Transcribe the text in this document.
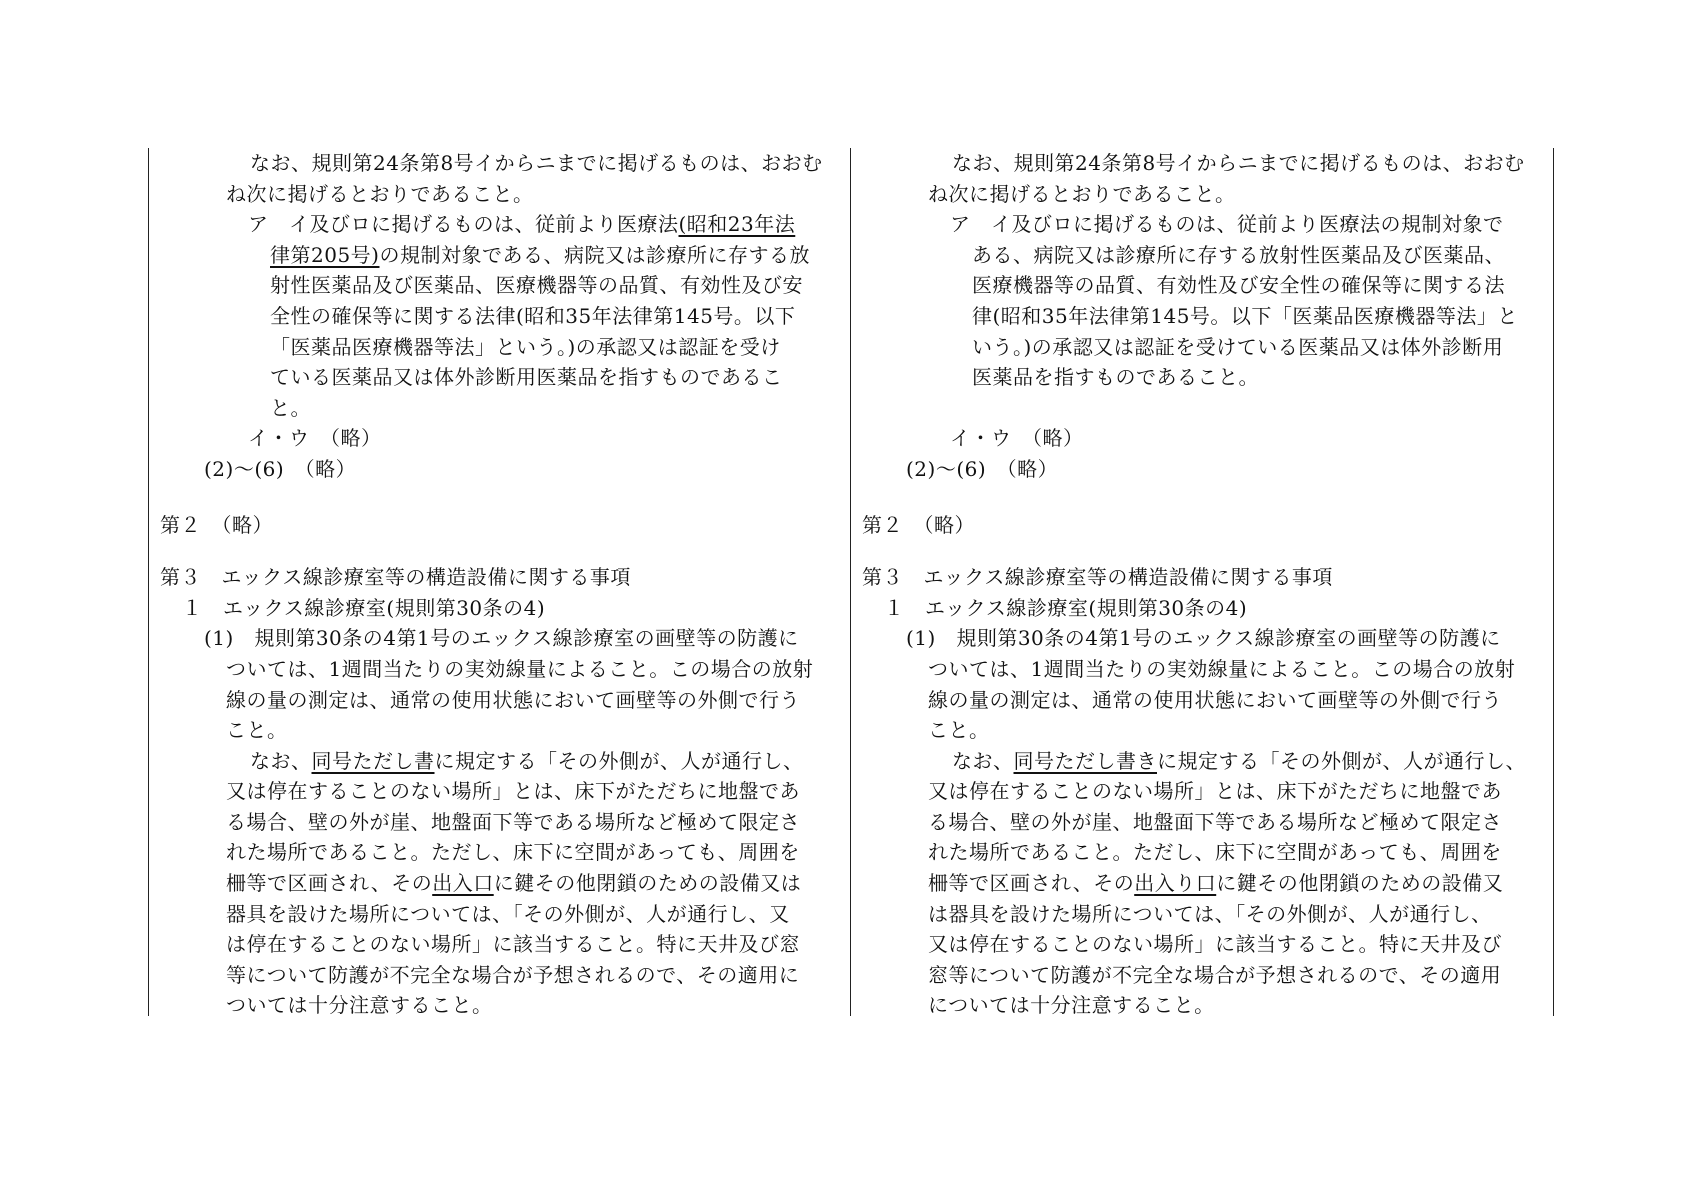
なお、規則第24条第8号イからニまでに掲げるものは、おおむ

ね次に掲げるとおりであること。

ア　イ及びロに掲げるものは、従前より医療法(昭和23年法

律第205号)の規制対象である、病院又は診療所に存する放

射性医薬品及び医薬品、医療機器等の品質、有効性及び安

全性の確保等に関する法律(昭和35年法律第145号。以下

「医薬品医療機器等法」という。)の承認又は認証を受け

ている医薬品又は体外診断用医薬品を指すものであるこ

と。

イ・ウ　（略）

(2)～(6)　（略）

第２　（略）

第３　エックス線診療室等の構造設備に関する事項

１　エックス線診療室(規則第30条の4)

(1)　規則第30条の4第1号のエックス線診療室の画壁等の防護に

ついては、1週間当たりの実効線量によること。この場合の放射

線の量の測定は、通常の使用状態において画壁等の外側で行う

こと。

なお、同号ただし書に規定する「その外側が、人が通行し、

又は停在することのない場所」とは、床下がただちに地盤であ

る場合、壁の外が崖、地盤面下等である場所など極めて限定さ

れた場所であること。ただし、床下に空間があっても、周囲を

柵等で区画され、その出入口に鍵その他閉鎖のための設備又は

器具を設けた場所については、「その外側が、人が通行し、又

は停在することのない場所」に該当すること。特に天井及び窓

等について防護が不完全な場合が予想されるので、その適用に

ついては十分注意すること。

なお、規則第24条第8号イからニまでに掲げるものは、おおむ

ね次に掲げるとおりであること。

ア　イ及びロに掲げるものは、従前より医療法の規制対象で

ある、病院又は診療所に存する放射性医薬品及び医薬品、

医療機器等の品質、有効性及び安全性の確保等に関する法

律(昭和35年法律第145号。以下「医薬品医療機器等法」と

いう。)の承認又は認証を受けている医薬品又は体外診断用

医薬品を指すものであること。

イ・ウ　（略）

(2)～(6)　（略）

第２　（略）

第３　エックス線診療室等の構造設備に関する事項

１　エックス線診療室(規則第30条の4)

(1)　規則第30条の4第1号のエックス線診療室の画壁等の防護に

ついては、1週間当たりの実効線量によること。この場合の放射

線の量の測定は、通常の使用状態において画壁等の外側で行う

こと。

なお、同号ただし書きに規定する「その外側が、人が通行し、

又は停在することのない場所」とは、床下がただちに地盤であ

る場合、壁の外が崖、地盤面下等である場所など極めて限定さ

れた場所であること。ただし、床下に空間があっても、周囲を

柵等で区画され、その出入り口に鍵その他閉鎖のための設備又

は器具を設けた場所については、「その外側が、人が通行し、

又は停在することのない場所」に該当すること。特に天井及び

窓等について防護が不完全な場合が予想されるので、その適用

については十分注意すること。
